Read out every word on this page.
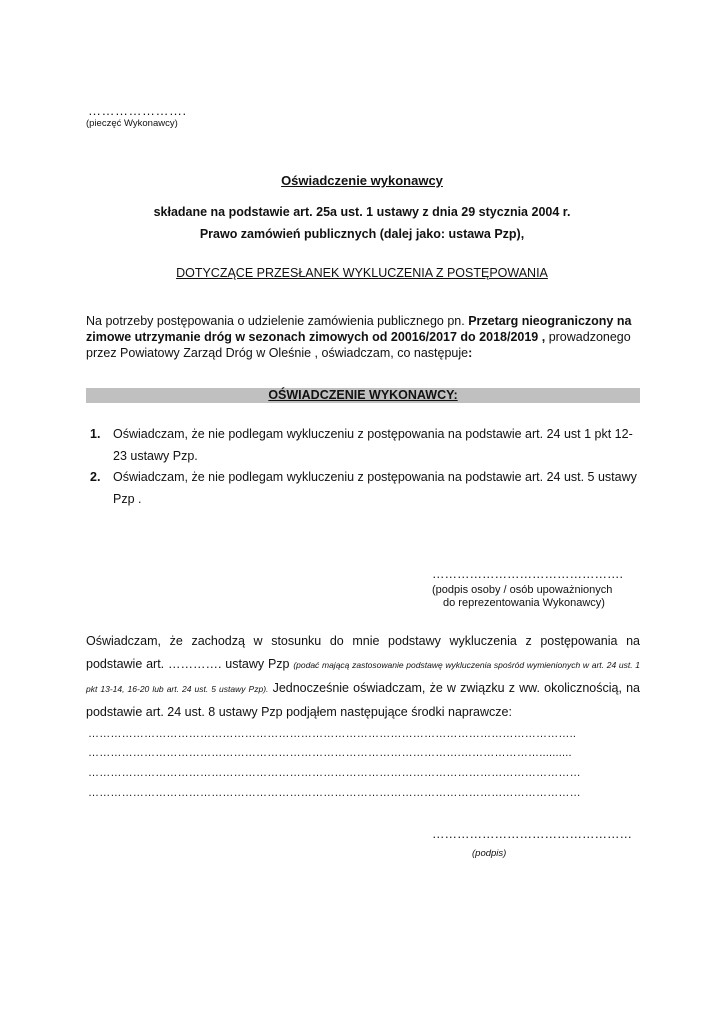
………………….
(pieczęć Wykonawcy)
Oświadczenie wykonawcy
składane na podstawie art. 25a ust. 1 ustawy z dnia 29 stycznia 2004 r.
Prawo zamówień publicznych (dalej jako: ustawa Pzp),
DOTYCZĄCE PRZESŁANEK WYKLUCZENIA Z POSTĘPOWANIA
Na potrzeby postępowania o udzielenie zamówienia publicznego pn. Przetarg nieograniczony na zimowe utrzymanie dróg w sezonach zimowych od 20016/2017 do 2018/2019 , prowadzonego przez Powiatowy Zarząd Dróg w Oleśnie , oświadczam, co następuje:
OŚWIADCZENIE WYKONAWCY:
1. Oświadczam, że nie podlegam wykluczeniu z postępowania na podstawie art. 24 ust 1 pkt 12-23 ustawy Pzp.
2. Oświadczam, że nie podlegam wykluczeniu z postępowania na podstawie art. 24 ust. 5 ustawy Pzp .
……………………………………….
(podpis osoby / osób upoważnionych
do reprezentowania Wykonawcy)
Oświadczam, że zachodzą w stosunku do mnie podstawy wykluczenia z postępowania na podstawie art. …………. ustawy Pzp (podać mającą zastosowanie podstawę wykluczenia spośród wymienionych w art. 24 ust. 1 pkt 13-14, 16-20 lub art. 24 ust. 5 ustawy Pzp). Jednocześnie oświadczam, że w związku z ww. okolicznością, na podstawie art. 24 ust. 8 ustawy Pzp podjąłem następujące środki naprawcze:
…………………………………………………………………………………………………………………..
……………………………………………………………………………………….…………………..........
……………………………………………………………………………………………………………………
……………………………………………………………………………………………………………………
…………………………………………
(podpis)
